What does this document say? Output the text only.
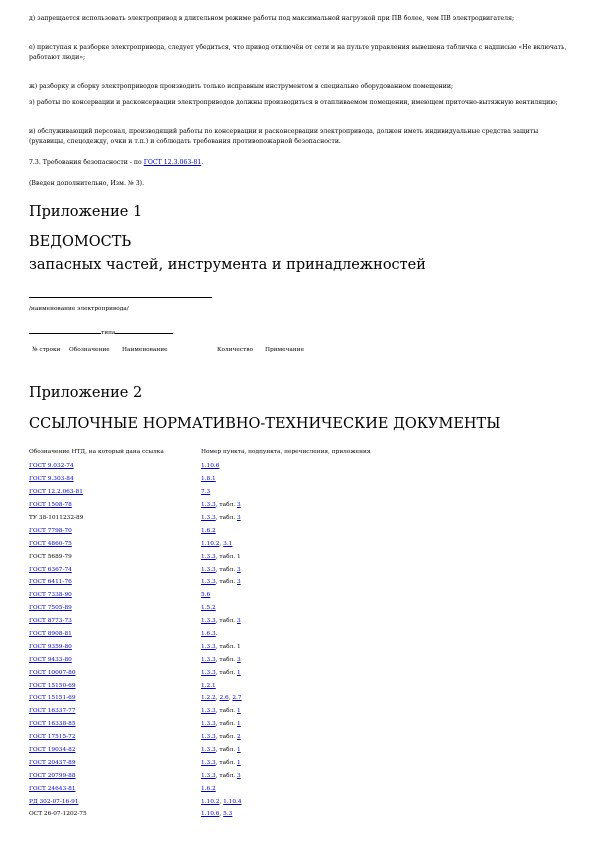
д) запрещается использовать электропривод в длительном режиме работы под максимальной нагрузкой при ПВ более, чем ПВ электродвигателя;

е) приступая к разборке электропривода, следует убедиться, что привод отключён от сети и на пульте управления вывешена табличка с надписью «Не включать, работают люди»;

ж) разборку и сборку электроприводов производить только исправным инструментом в специально оборудованном помещении;

з) работы по консервации и расконсервации электроприводов должны производиться в отапливаемом помещении, имеющем приточно-вытяжную вентиляцию;

и) обслуживающий персонал, производящий работы по консервации и расконсервации электропривода, должен иметь индивидуальные средства защиты (рукавицы, спецодежду, очки и т.п.) и соблюдать требования противопожарной безопасности.

7.3. Требования безопасности - по ГОСТ 12.3.063-81.

(Введен дополнительно, Изм. № 3).

Приложение 1
ВЕДОМОСТЬ
запасных частей, инструмента и принадлежностей
/наименование электропривода/
типа
№ строки Обозначение Наименование	Количество Примечание
Приложение 2
ССЫЛОЧНЫЕ НОРМАТИВНО-ТЕХНИЧЕСКИЕ ДОКУМЕНТЫ
Обозначение НТД, на который дана ссылка	Номер пункта, подпункта, перечисления, приложения
ГОСТ 9.032-74	1.10.6
ГОСТ 9.303-84	1.8.1
ГОСТ 12.2.063-81	7.3
ГОСТ 1508-78	1.3.3, табл. 3
ТУ 38-1011232-89	1.3.3, табл. 3
ГОСТ 7798-70	1.6.2
ГОСТ 4860-75	1.10.2, 3.1
ГОСТ 5689-79	1.3.3, табл. 1
ГОСТ 6367-74	1.3.3, табл. 3
ГОСТ 6411-76	1.3.3, табл. 3
ГОСТ 7338-90	5.6
ГОСТ 7505-89	1.5.2
ГОСТ 8773-73	1.3.3, табл. 3
ГОСТ 8908-81	1.6.3.
ГОСТ 9359-80	1.3.3, табл. 1
ГОСТ 9433-80	1.3.3, табл. 3
ГОСТ 10007-80	1.3.3, табл. 1
ГОСТ 15150-69	1.2.1
ГОСТ 15151-69	1.2.2, 2.6, 2.7
ГОСТ 16337-77	1.3.3, табл. 1
ГОСТ 16338-85	1.3.3, табл. 1
ГОСТ 17515-72	1.3.3, табл. 2
ГОСТ 19034-82	1.3.3, табл. 1
ГОСТ 20437-89	1.3.3, табл. 1
ГОСТ 20799-88	1.3.3, табл. 3
ГОСТ 24643-81	1.6.2
РД 302-07-16-91	1.10.2, 1.10.4
ОСТ 26-07-1202-75	1.10.6, 5.3
